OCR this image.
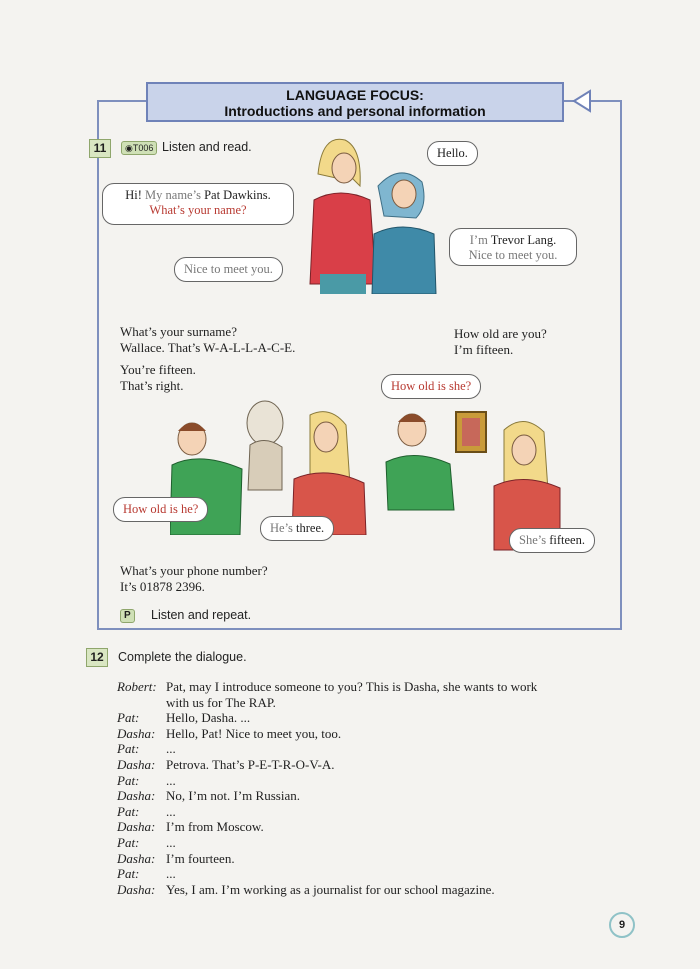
LANGUAGE FOCUS:
Introductions and personal information
11	◉T006 Listen and read.
Hi! My name’s Pat Dawkins.
What’s your name?
Hello.
I’m Trevor Lang.
Nice to meet you.
Nice to meet you.
What’s your surname?
Wallace. That’s W-A-L-L-A-C-E.
How old are you?
I’m fifteen.
You’re fifteen.
That’s right.	How old is she?
How old is he?
He’s three.
She’s fifteen.
What’s your phone number?
It’s 01878 2396.
P	Listen and repeat.
12	Complete the dialogue.
Robert: Pat, may I introduce someone to you? This is Dasha, she wants to work
with us for The RAP.
Pat: Hello, Dasha. ...
Dasha: Hello, Pat! Nice to meet you, too.
Pat: ...
Dasha: Petrova. That’s P-E-T-R-O-V-A.
Pat: ...
Dasha: No, I’m not. I’m Russian.
Pat: ...
Dasha: I’m from Moscow.
Pat: ...
Dasha: I’m fourteen.
Pat: ...
Dasha: Yes, I am. I’m working as a journalist for our school magazine.
9
